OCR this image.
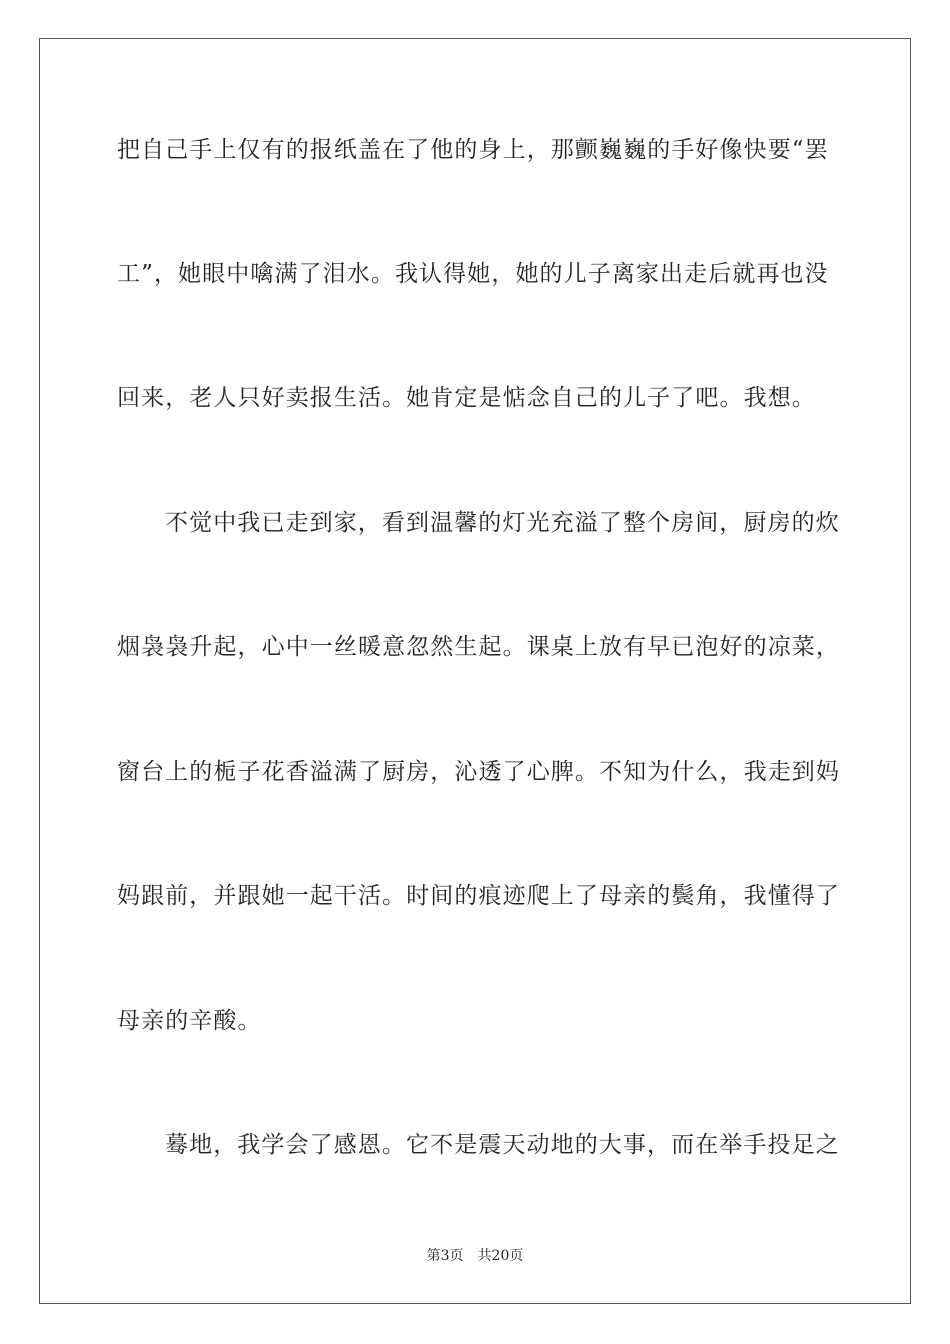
把自己手上仅有的报纸盖在了他的身上，那颤巍巍的手好像快要“罢
工”，她眼中噙满了泪水。我认得她，她的儿子离家出走后就再也没
回来，老人只好卖报生活。她肯定是惦念自己的儿子了吧。我想。
不觉中我已走到家，看到温馨的灯光充溢了整个房间，厨房的炊
烟袅袅升起，心中一丝暖意忽然生起。课桌上放有早已泡好的凉菜，
窗台上的栀子花香溢满了厨房，沁透了心脾。不知为什么，我走到妈
妈跟前，并跟她一起干活。时间的痕迹爬上了母亲的鬓角，我懂得了
母亲的辛酸。
蓦地，我学会了感恩。它不是震天动地的大事，而在举手投足之
第3页 共20页
